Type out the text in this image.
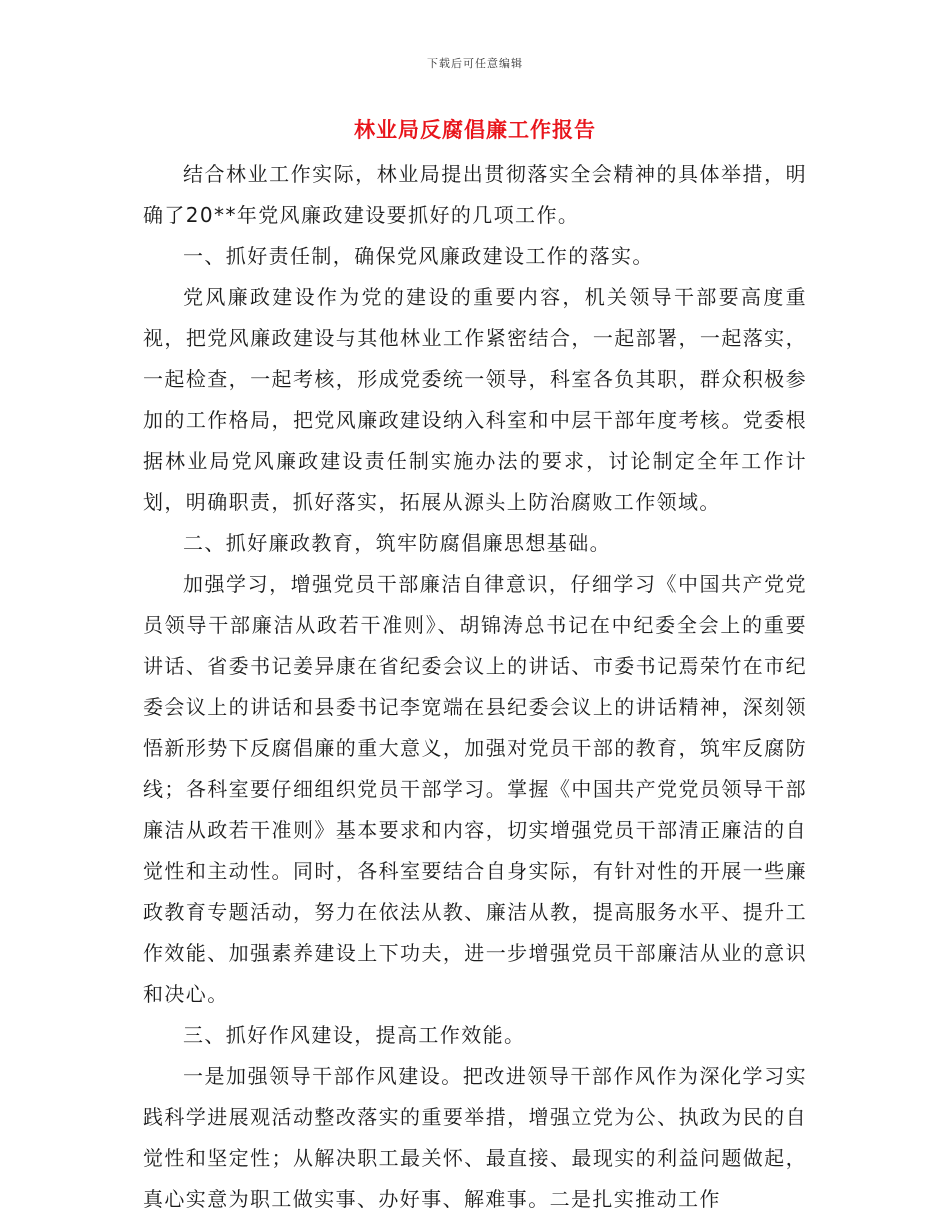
下载后可任意编辑
林业局反腐倡廉工作报告

结合林业工作实际，林业局提出贯彻落实全会精神的具体举措，明确了20**年党风廉政建设要抓好的几项工作。

一、抓好责任制，确保党风廉政建设工作的落实。

党风廉政建设作为党的建设的重要内容，机关领导干部要高度重视，把党风廉政建设与其他林业工作紧密结合，一起部署，一起落实，一起检查，一起考核，形成党委统一领导，科室各负其职，群众积极参加的工作格局，把党风廉政建设纳入科室和中层干部年度考核。党委根据林业局党风廉政建设责任制实施办法的要求，讨论制定全年工作计划，明确职责，抓好落实，拓展从源头上防治腐败工作领域。

二、抓好廉政教育，筑牢防腐倡廉思想基础。

加强学习，增强党员干部廉洁自律意识，仔细学习《中国共产党党员领导干部廉洁从政若干准则》、胡锦涛总书记在中纪委全会上的重要讲话、省委书记姜异康在省纪委会议上的讲话、市委书记焉荣竹在市纪委会议上的讲话和县委书记李宽端在县纪委会议上的讲话精神，深刻领悟新形势下反腐倡廉的重大意义，加强对党员干部的教育，筑牢反腐防线；各科室要仔细组织党员干部学习。掌握《中国共产党党员领导干部廉洁从政若干准则》基本要求和内容，切实增强党员干部清正廉洁的自觉性和主动性。同时，各科室要结合自身实际，有针对性的开展一些廉政教育专题活动，努力在依法从教、廉洁从教，提高服务水平、提升工作效能、加强素养建设上下功夫，进一步增强党员干部廉洁从业的意识和决心。

三、抓好作风建设，提高工作效能。

一是加强领导干部作风建设。把改进领导干部作风作为深化学习实践科学进展观活动整改落实的重要举措，增强立党为公、执政为民的自觉性和坚定性；从解决职工最关怀、最直接、最现实的利益问题做起，真心实意为职工做实事、办好事、解难事。二是扎实推动工作
